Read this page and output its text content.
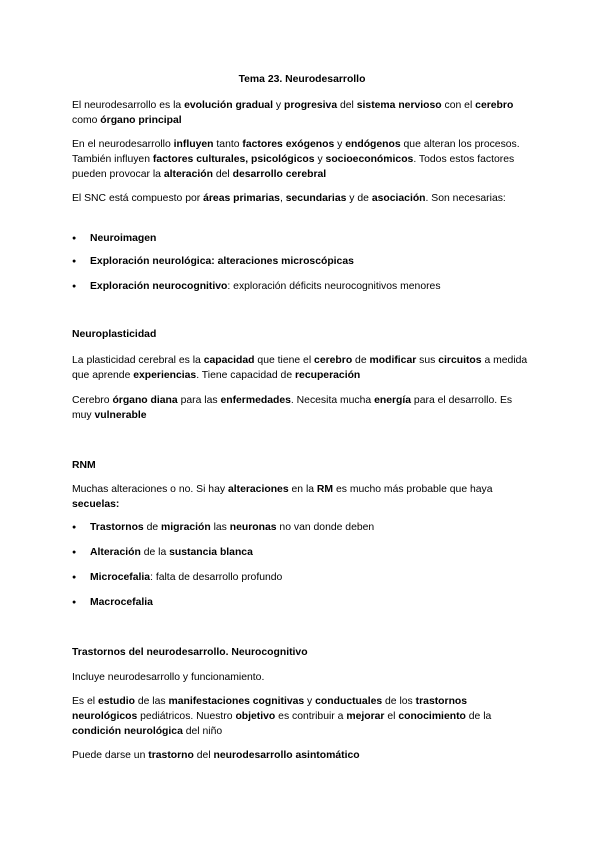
Tema 23. Neurodesarrollo

El neurodesarrollo es la evolución gradual y progresiva del sistema nervioso con el cerebro como órgano principal

En el neurodesarrollo influyen tanto factores exógenos y endógenos que alteran los procesos. También influyen factores culturales, psicológicos y socioeconómicos. Todos estos factores pueden provocar la alteración del desarrollo cerebral

El SNC está compuesto por áreas primarias, secundarias y de asociación. Son necesarias:

● Neuroimagen
● Exploración neurológica: alteraciones microscópicas
● Exploración neurocognitivo: exploración déficits neurocognitivos menores
Neuroplasticidad

La plasticidad cerebral es la capacidad que tiene el cerebro de modificar sus circuitos a medida que aprende experiencias. Tiene capacidad de recuperación

Cerebro órgano diana para las enfermedades. Necesita mucha energía para el desarrollo. Es muy vulnerable

RNM

Muchas alteraciones o no. Si hay alteraciones en la RM es mucho más probable que haya secuelas:

● Trastornos de migración las neuronas no van donde deben
● Alteración de la sustancia blanca
● Microcefalia: falta de desarrollo profundo
● Macrocefalia
Trastornos del neurodesarrollo. Neurocognitivo

Incluye neurodesarrollo y funcionamiento.

Es el estudio de las manifestaciones cognitivas y conductuales de los trastornos neurológicos pediátricos. Nuestro objetivo es contribuir a mejorar el conocimiento de la condición neurológica del niño

Puede darse un trastorno del neurodesarrollo asintomático
